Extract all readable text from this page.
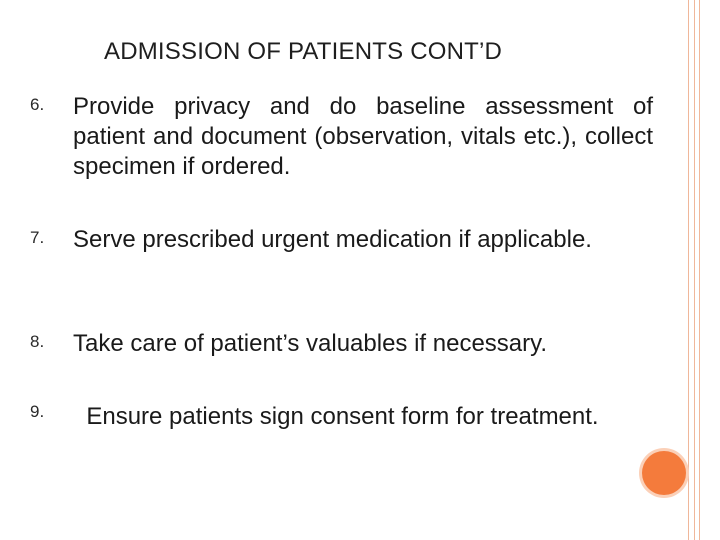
ADMISSION OF PATIENTS CONT’D
6. Provide privacy and do baseline assessment of patient and document (observation, vitals etc.), collect specimen if ordered.
7. Serve prescribed urgent medication if applicable.
8. Take care of patient’s valuables if necessary.
9. Ensure patients sign consent form for treatment.
